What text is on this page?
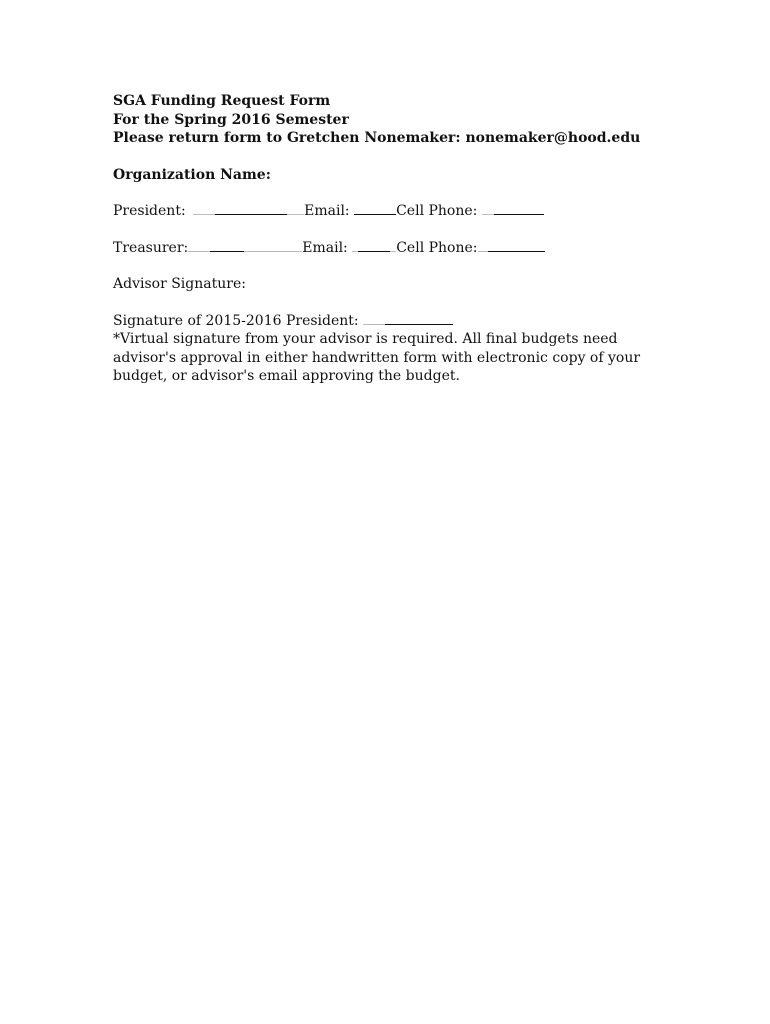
SGA Funding Request Form
For the Spring 2016 Semester
Please return form to Gretchen Nonemaker: nonemaker@hood.edu
Organization Name:
President:	Email:	Cell Phone:
Treasurer:	Email:	Cell Phone:
Advisor Signature:
Signature of 2015-2016 President:
*Virtual signature from your advisor is required. All final budgets need advisor's approval in either handwritten form with electronic copy of your budget, or advisor's email approving the budget.
